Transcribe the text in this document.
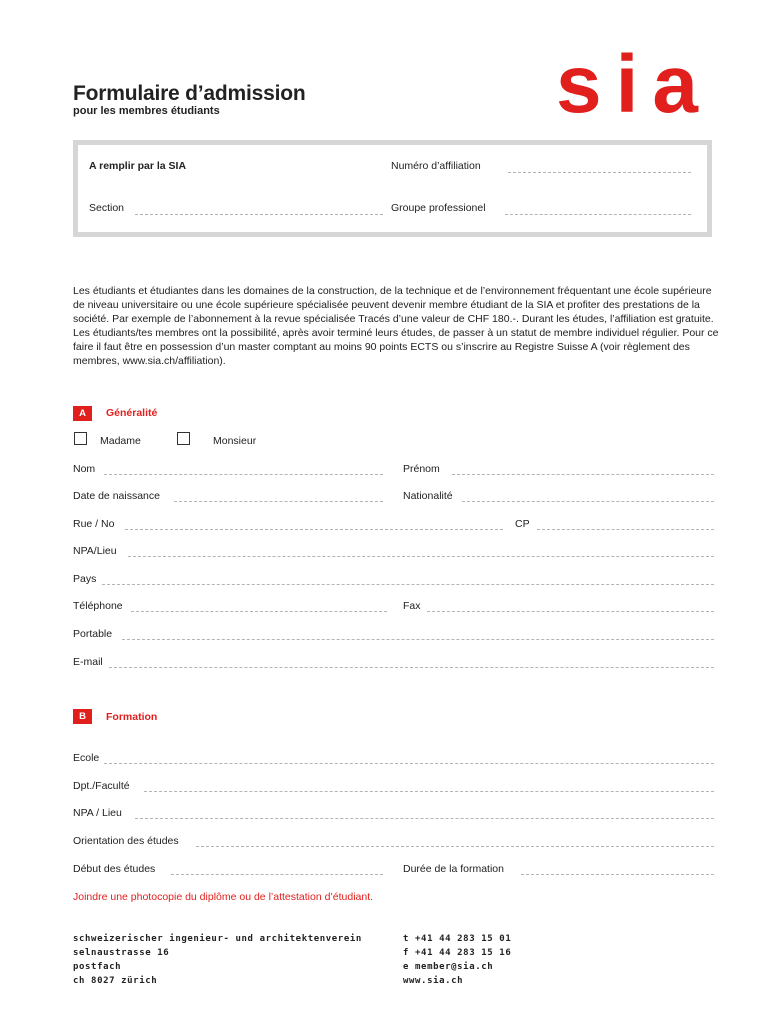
Formulaire d’admission
pour les membres étudiants	sia
A remplir par la SIA	Numéro d’affiliation
Section	Groupe professionel

Les étudiants et étudiantes dans les domaines de la construction, de la technique et de l’environnement fréquentant une école supérieure de niveau universitaire ou une école supérieure spécialisée peuvent devenir membre étudiant de la SIA et profiter des prestations de la société. Par exemple de l’abonnement à la revue spécialisée Tracés d’une valeur de CHF 180.-. Durant les études, l’affiliation est gratuite. Les étudiants/tes membres ont la possibilité, après avoir terminé leurs études, de passer à un statut de membre individuel régulier. Pour ce faire il faut être en possession d’un master comptant au moins 90 points ECTS ou s’inscrire au Registre Suisse A (voir règlement des membres, www.sia.ch/affiliation).

A	Généralité
Madame	Monsieur
Nom	Prénom
Date de naissance	Nationalité
Rue / No	CP
NPA/Lieu
Pays
Téléphone	Fax
Portable
E-mail
B	Formation
Ecole
Dpt./Faculté
NPA / Lieu
Orientation des études
Début des études	Durée de la formation
Joindre une photocopie du diplôme ou de l’attestation d’étudiant.
schweizerischer ingenieur- und architektenverein
selnaustrasse 16
postfach
ch 8027 zürich
t +41 44 283 15 01
f +41 44 283 15 16
e member@sia.ch
www.sia.ch
